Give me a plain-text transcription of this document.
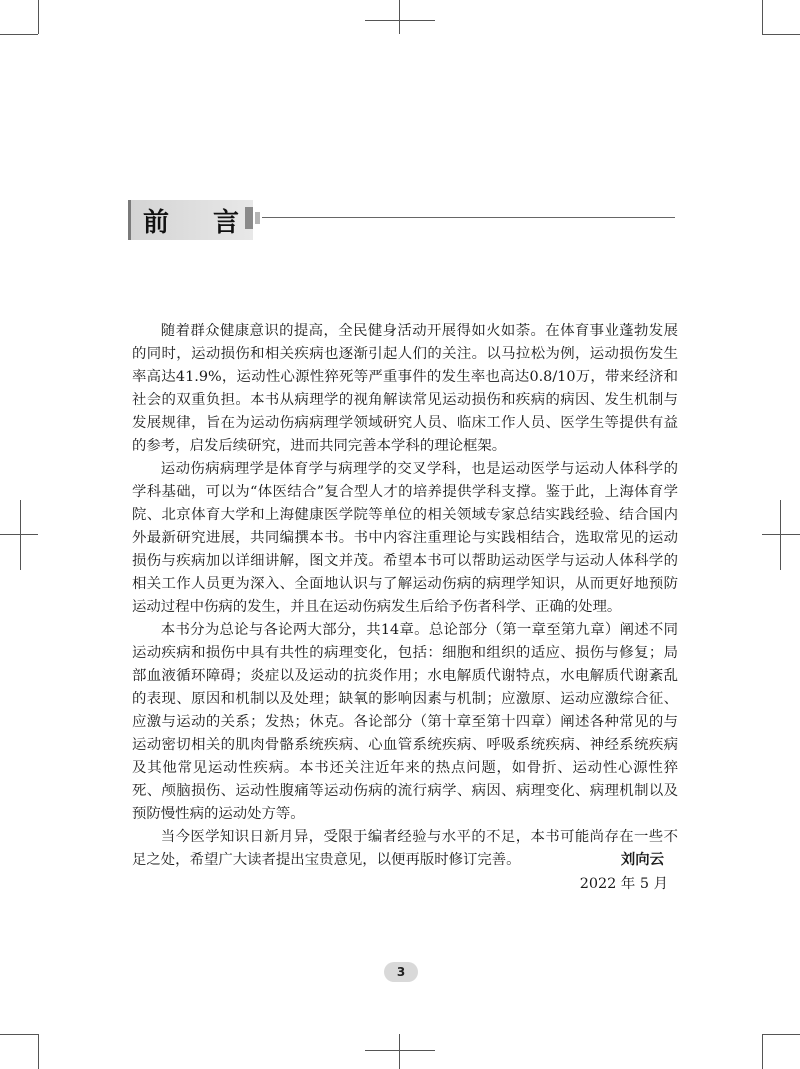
前 言

随着群众健康意识的提高，全民健身活动开展得如火如荼。在体育事业蓬勃发展的同时，运动损伤和相关疾病也逐渐引起人们的关注。以马拉松为例，运动损伤发生率高达41.9%，运动性心源性猝死等严重事件的发生率也高达0.8/10万，带来经济和社会的双重负担。本书从病理学的视角解读常见运动损伤和疾病的病因、发生机制与发展规律，旨在为运动伤病病理学领域研究人员、临床工作人员、医学生等提供有益的参考，启发后续研究，进而共同完善本学科的理论框架。

运动伤病病理学是体育学与病理学的交叉学科，也是运动医学与运动人体科学的学科基础，可以为“体医结合”复合型人才的培养提供学科支撑。鉴于此，上海体育学院、北京体育大学和上海健康医学院等单位的相关领域专家总结实践经验、结合国内外最新研究进展，共同编撰本书。书中内容注重理论与实践相结合，选取常见的运动损伤与疾病加以详细讲解，图文并茂。希望本书可以帮助运动医学与运动人体科学的相关工作人员更为深入、全面地认识与了解运动伤病的病理学知识，从而更好地预防运动过程中伤病的发生，并且在运动伤病发生后给予伤者科学、正确的处理。

本书分为总论与各论两大部分，共14章。总论部分（第一章至第九章）阐述不同运动疾病和损伤中具有共性的病理变化，包括：细胞和组织的适应、损伤与修复；局部血液循环障碍；炎症以及运动的抗炎作用；水电解质代谢特点，水电解质代谢紊乱的表现、原因和机制以及处理；缺氧的影响因素与机制；应激原、运动应激综合征、应激与运动的关系；发热；休克。各论部分（第十章至第十四章）阐述各种常见的与运动密切相关的肌肉骨骼系统疾病、心血管系统疾病、呼吸系统疾病、神经系统疾病及其他常见运动性疾病。本书还关注近年来的热点问题，如骨折、运动性心源性猝死、颅脑损伤、运动性腹痛等运动伤病的流行病学、病因、病理变化、病理机制以及预防慢性病的运动处方等。

当今医学知识日新月异，受限于编者经验与水平的不足，本书可能尚存在一些不足之处，希望广大读者提出宝贵意见，以便再版时修订完善。	刘向云
2022 年 5 月
3
